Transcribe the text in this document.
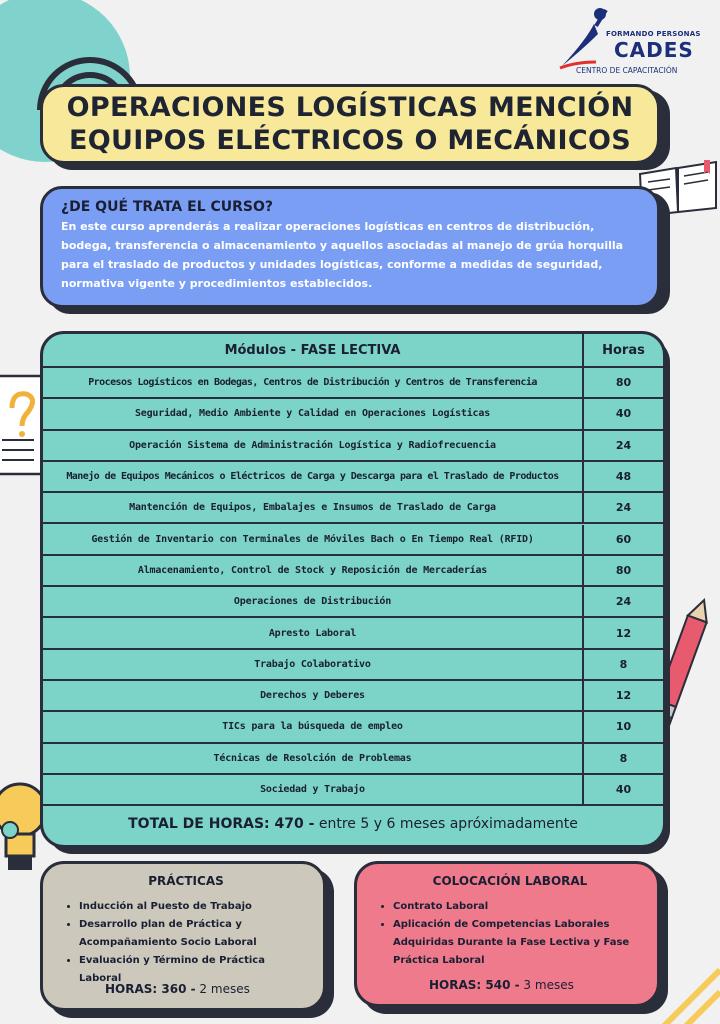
FORMANDO PERSONAS
CADES
CENTRO DE CAPACITACIÓN
OPERACIONES LOGÍSTICAS MENCIÓN
EQUIPOS ELÉCTRICOS O MECÁNICOS
¿DE QUÉ TRATA EL CURSO?
En este curso aprenderás a realizar operaciones logísticas en centros de distribución, bodega, transferencia o almacenamiento y aquellos asociadas al manejo de grúa horquilla para el traslado de productos y unidades logísticas, conforme a medidas de seguridad, normativa vigente y procedimientos establecidos.
Módulos - FASE LECTIVA	Horas
Procesos Logísticos en Bodegas, Centros de Distribución y Centros de Transferencia	80
Seguridad, Medio Ambiente y Calidad en Operaciones Logísticas	40
Operación Sistema de Administración Logística y Radiofrecuencia	24
Manejo de Equipos Mecánicos o Eléctricos de Carga y Descarga para el Traslado de Productos	48
Mantención de Equipos, Embalajes e Insumos de Traslado de Carga	24
Gestión de Inventario con Terminales de Móviles Bach o En Tiempo Real (RFID)	60
Almacenamiento, Control de Stock y Reposición de Mercaderías	80
Operaciones de Distribución	24
Apresto Laboral	12
Trabajo Colaborativo	8
Derechos y Deberes	12
TICs para la búsqueda de empleo	10
Técnicas de Resolción de Problemas	8
Sociedad y Trabajo	40
TOTAL DE HORAS: 470 - entre 5 y 6 meses apróximadamente
PRÁCTICAS
• Inducción al Puesto de Trabajo
• Desarrollo plan de Práctica y Acompañamiento Socio Laboral
• Evaluación y Término de Práctica Laboral
HORAS: 360 - 2 meses
COLOCACIÓN LABORAL
• Contrato Laboral
• Aplicación de Competencias Laborales Adquiridas Durante la Fase Lectiva y Fase Práctica Laboral
HORAS: 540 - 3 meses
